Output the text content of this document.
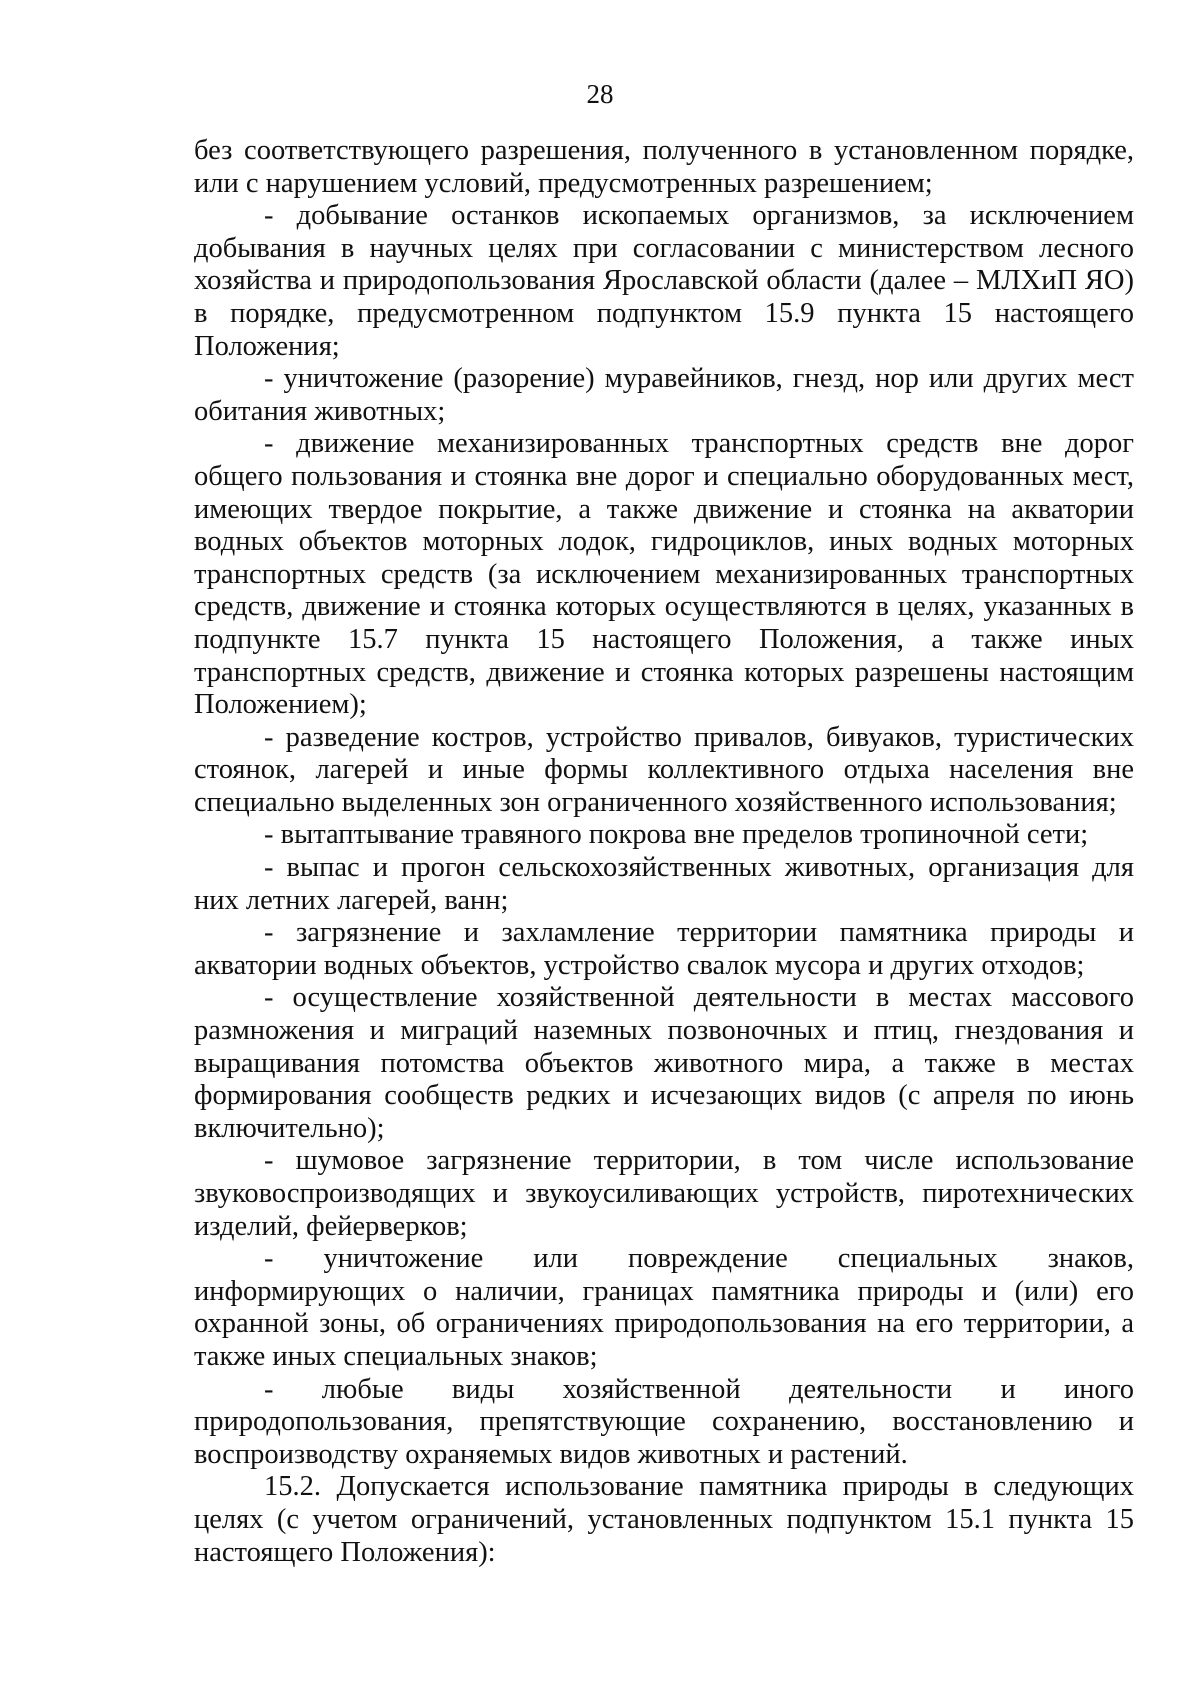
28

без соответствующего разрешения, полученного в установленном порядке, или с нарушением условий, предусмотренных разрешением;

- добывание останков ископаемых организмов, за исключением добывания в научных целях при согласовании с министерством лесного хозяйства и природопользования Ярославской области (далее – МЛХиП ЯО) в порядке, предусмотренном подпунктом 15.9 пункта 15 настоящего Положения;

- уничтожение (разорение) муравейников, гнезд, нор или других мест обитания животных;

- движение механизированных транспортных средств вне дорог общего пользования и стоянка вне дорог и специально оборудованных мест, имеющих твердое покрытие, а также движение и стоянка на акватории водных объектов моторных лодок, гидроциклов, иных водных моторных транспортных средств (за исключением механизированных транспортных средств, движение и стоянка которых осуществляются в целях, указанных в подпункте 15.7 пункта 15 настоящего Положения, а также иных транспортных средств, движение и стоянка которых разрешены настоящим Положением);

- разведение костров, устройство привалов, бивуаков, туристических стоянок, лагерей и иные формы коллективного отдыха населения вне специально выделенных зон ограниченного хозяйственного использования;

- вытаптывание травяного покрова вне пределов тропиночной сети;

- выпас и прогон сельскохозяйственных животных, организация для них летних лагерей, ванн;

- загрязнение и захламление территории памятника природы и акватории водных объектов, устройство свалок мусора и других отходов;

- осуществление хозяйственной деятельности в местах массового размножения и миграций наземных позвоночных и птиц, гнездования и выращивания потомства объектов животного мира, а также в местах формирования сообществ редких и исчезающих видов (с апреля по июнь включительно);

- шумовое загрязнение территории, в том числе использование звуковоспроизводящих и звукоусиливающих устройств, пиротехнических изделий, фейерверков;

- уничтожение или повреждение специальных знаков, информирующих о наличии, границах памятника природы и (или) его охранной зоны, об ограничениях природопользования на его территории, а также иных специальных знаков;

- любые виды хозяйственной деятельности и иного природопользования, препятствующие сохранению, восстановлению и воспроизводству охраняемых видов животных и растений.

15.2. Допускается использование памятника природы в следующих целях (с учетом ограничений, установленных подпунктом 15.1 пункта 15 настоящего Положения):
